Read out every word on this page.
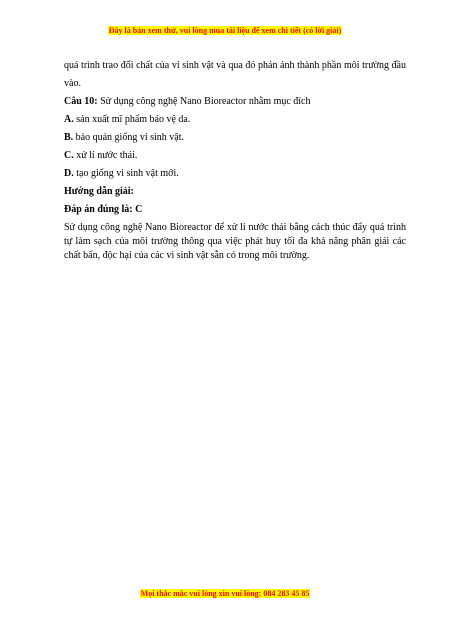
Đây là bản xem thử, vui lòng mua tài liệu để xem chi tiết (có lời giải)

quá trình trao đổi chất của vi sinh vật và qua đó phản ánh thành phần môi trường đầu vào.

Câu 10: Sử dụng công nghệ Nano Bioreactor nhằm mục đích

A. sản xuất mĩ phẩm bảo vệ da.

B. bảo quản giống vi sinh vật.

C. xử lí nước thải.

D. tạo giống vi sinh vật mới.

Hướng dẫn giải:

Đáp án đúng là: C

Sử dụng công nghệ Nano Bioreactor để xử lí nước thải bằng cách thúc đẩy quá trình tự làm sạch của môi trường thông qua việc phát huy tối đa khả năng phân giải các chất bẩn, độc hại của các vi sinh vật sẵn có trong môi trường.

Mọi thắc mắc vui lòng xin vui lòng: 084 283 45 85
